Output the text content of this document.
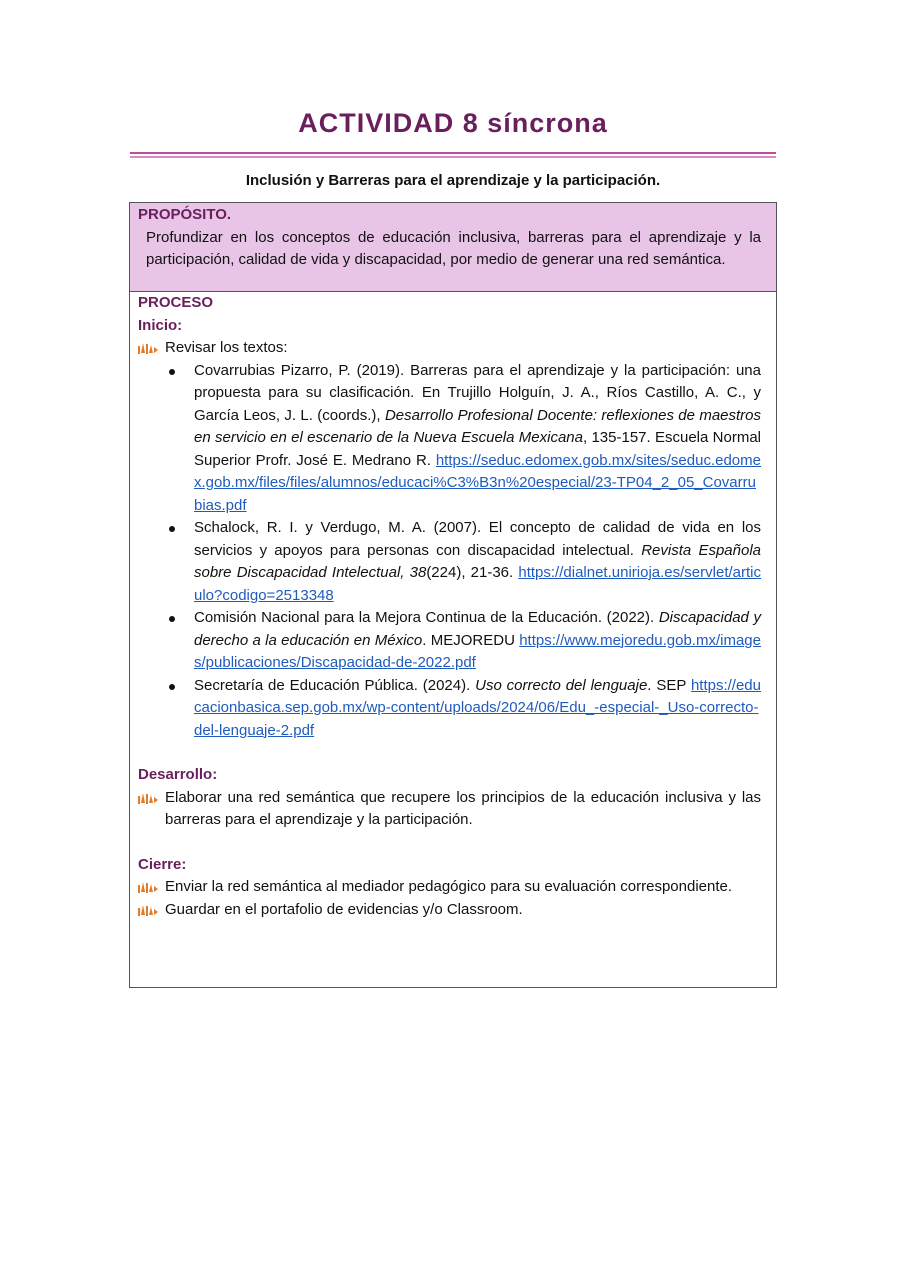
ACTIVIDAD 8 síncrona

Inclusión y Barreras para el aprendizaje y la participación.

PROPÓSITO.

Profundizar en los conceptos de educación inclusiva, barreras para el aprendizaje y la participación, calidad de vida y discapacidad, por medio de generar una red semántica.

PROCESO
Inicio:
Revisar los textos:
Covarrubias Pizarro, P. (2019). Barreras para el aprendizaje y la participación: una propuesta para su clasificación. En Trujillo Holguín, J. A., Ríos Castillo, A. C., y García Leos, J. L. (coords.), Desarrollo Profesional Docente: reflexiones de maestros en servicio en el escenario de la Nueva Escuela Mexicana, 135-157. Escuela Normal Superior Profr. José E. Medrano R. https://seduc.edomex.gob.mx/sites/seduc.edomex.gob.mx/files/files/alumnos/educaci%C3%B3n%20especial/23-TP04_2_05_Covarrubias.pdf
Schalock, R. I. y Verdugo, M. A. (2007). El concepto de calidad de vida en los servicios y apoyos para personas con discapacidad intelectual. Revista Española sobre Discapacidad Intelectual, 38(224), 21-36. https://dialnet.unirioja.es/servlet/articulo?codigo=2513348
Comisión Nacional para la Mejora Continua de la Educación. (2022). Discapacidad y derecho a la educación en México. MEJOREDU https://www.mejoredu.gob.mx/images/publicaciones/Discapacidad-de-2022.pdf
Secretaría de Educación Pública. (2024). Uso correcto del lenguaje. SEP https://educacionbasica.sep.gob.mx/wp-content/uploads/2024/06/Edu_-especial-_Uso-correcto-del-lenguaje-2.pdf
Desarrollo:
Elaborar una red semántica que recupere los principios de la educación inclusiva y las barreras para el aprendizaje y la participación.
Cierre:
Enviar la red semántica al mediador pedagógico para su evaluación correspondiente.
Guardar en el portafolio de evidencias y/o Classroom.
